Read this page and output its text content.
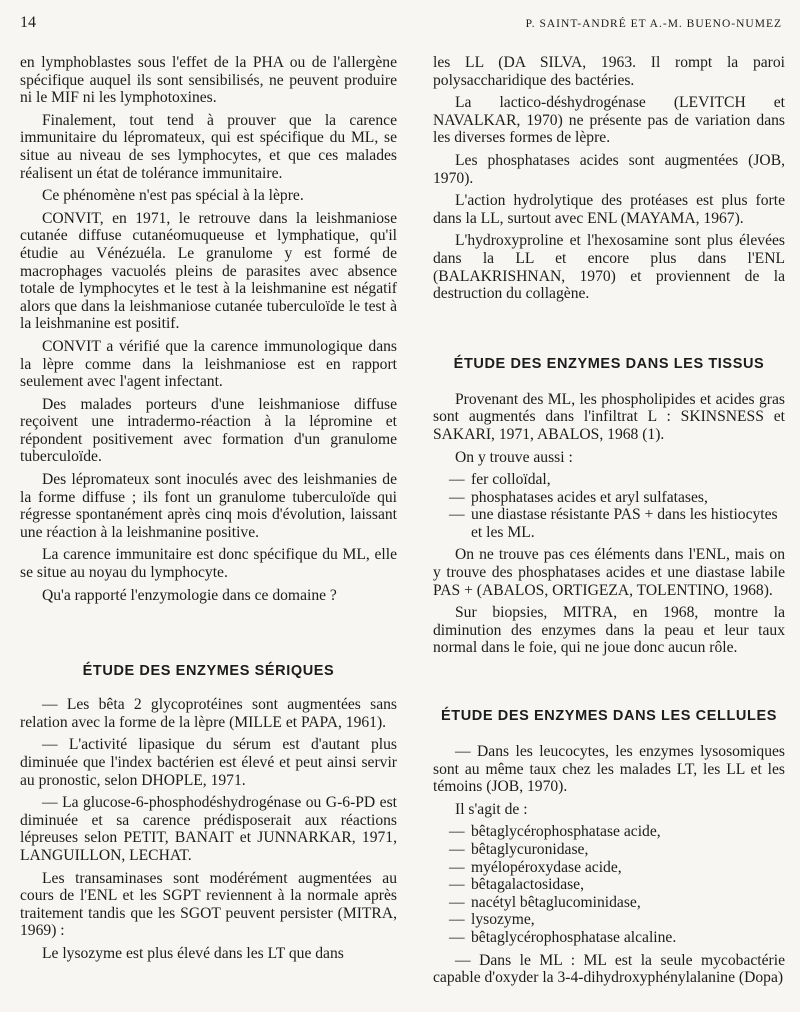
14	P. SAINT-ANDRÉ ET A.-M. BUENO-NUMEZ

en lymphoblastes sous l'effet de la PHA ou de l'allergène spécifique auquel ils sont sensibilisés, ne peuvent produire ni le MIF ni les lymphotoxines.

Finalement, tout tend à prouver que la carence immunitaire du lépromateux, qui est spécifique du ML, se situe au niveau de ses lymphocytes, et que ces malades réalisent un état de tolérance immunitaire.

Ce phénomène n'est pas spécial à la lèpre.

CONVIT, en 1971, le retrouve dans la leishmaniose cutanée diffuse cutanéomuqueuse et lymphatique, qu'il étudie au Vénézuéla. Le granulome y est formé de macrophages vacuolés pleins de parasites avec absence totale de lymphocytes et le test à la leishmanine est négatif alors que dans la leishmaniose cutanée tuberculoïde le test à la leishmanine est positif.

CONVIT a vérifié que la carence immunologique dans la lèpre comme dans la leishmaniose est en rapport seulement avec l'agent infectant.

Des malades porteurs d'une leishmaniose diffuse reçoivent une intradermo-réaction à la lépromine et répondent positivement avec formation d'un granulome tuberculoïde.

Des lépromateux sont inoculés avec des leishmanies de la forme diffuse ; ils font un granulome tuberculoïde qui régresse spontanément après cinq mois d'évolution, laissant une réaction à la leishmanine positive.

La carence immunitaire est donc spécifique du ML, elle se situe au noyau du lymphocyte.

Qu'a rapporté l'enzymologie dans ce domaine ?

ÉTUDE DES ENZYMES SÉRIQUES

— Les bêta 2 glycoprotéines sont augmentées sans relation avec la forme de la lèpre (MILLE et PAPA, 1961).

— L'activité lipasique du sérum est d'autant plus diminuée que l'index bactérien est élevé et peut ainsi servir au pronostic, selon DHOPLE, 1971.

— La glucose-6-phosphodéshydrogénase ou G-6-PD est diminuée et sa carence prédisposerait aux réactions lépreuses selon PETIT, BANAIT et JUNNARKAR, 1971, LANGUILLON, LECHAT.

Les transaminases sont modérément augmentées au cours de l'ENL et les SGPT reviennent à la normale après traitement tandis que les SGOT peuvent persister (MITRA, 1969) :

Le lysozyme est plus élevé dans les LT que dans

les LL (DA SILVA, 1963. Il rompt la paroi polysaccharidique des bactéries.

La lactico-déshydrogénase (LEVITCH et NAVALKAR, 1970) ne présente pas de variation dans les diverses formes de lèpre.

Les phosphatases acides sont augmentées (JOB, 1970).

L'action hydrolytique des protéases est plus forte dans la LL, surtout avec ENL (MAYAMA, 1967).

L'hydroxyproline et l'hexosamine sont plus élevées dans la LL et encore plus dans l'ENL (BALAKRISHNAN, 1970) et proviennent de la destruction du collagène.

ÉTUDE DES ENZYMES DANS LES TISSUS

Provenant des ML, les phospholipides et acides gras sont augmentés dans l'infiltrat L : SKINSNESS et SAKARI, 1971, ABALOS, 1968 (1).

On y trouve aussi :

— fer colloïdal,
— phosphatases acides et aryl sulfatases,
— une diastase résistante PAS + dans les histiocytes et les ML.

On ne trouve pas ces éléments dans l'ENL, mais on y trouve des phosphatases acides et une diastase labile PAS + (ABALOS, ORTIGEZA, TOLENTINO, 1968).

Sur biopsies, MITRA, en 1968, montre la diminution des enzymes dans la peau et leur taux normal dans le foie, qui ne joue donc aucun rôle.

ÉTUDE DES ENZYMES DANS LES CELLULES

— Dans les leucocytes, les enzymes lysosomiques sont au même taux chez les malades LT, les LL et les témoins (JOB, 1970).

Il s'agit de :

— bêtaglycérophosphatase acide,
— bêtaglycuronidase,
— myélopéroxydase acide,
— bêtagalactosidase,
— nacétyl bêtaglucominidase,
— lysozyme,
— bêtaglycérophosphatase alcaline.

— Dans le ML : ML est la seule mycobactérie capable d'oxyder la 3-4-dihydroxyphénylalanine (Dopa)
